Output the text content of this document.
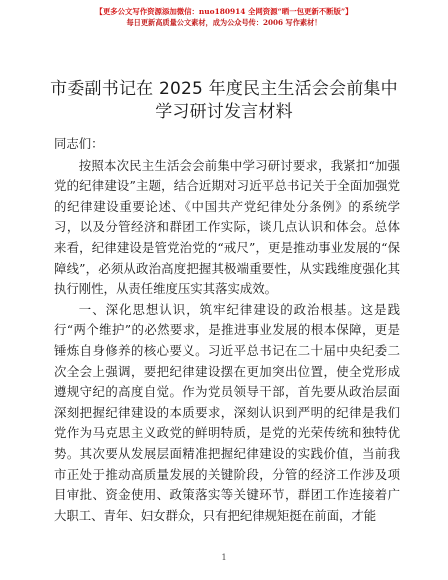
【更多公文写作资源添加微信：nuo180914 全网资源“晒一包更新不断版”】
每日更新高质量公文素材，成为公众号传：2006 写作素材！
市委副书记在 2025 年度民主生活会会前集中学习研讨发言材料

同志们：

按照本次民主生活会会前集中学习研讨要求，我紧扣“加强党的纪律建设”主题，结合近期对习近平总书记关于全面加强党的纪律建设重要论述、《中国共产党纪律处分条例》的系统学习，以及分管经济和群团工作实际，谈几点认识和体会。总体来看，纪律建设是管党治党的“戒尺”，更是推动事业发展的“保障线”，必须从政治高度把握其极端重要性，从实践维度强化其执行刚性，从责任维度压实其落实成效。

一、深化思想认识，筑牢纪律建设的政治根基。这是践行“两个维护”的必然要求，是推进事业发展的根本保障，更是锤炼自身修养的核心要义。习近平总书记在二十届中央纪委二次全会上强调，要把纪律建设摆在更加突出位置，使全党形成遵规守纪的高度自觉。作为党员领导干部，首先要从政治层面深刻把握纪律建设的本质要求，深刻认识到严明的纪律是我们党作为马克思主义政党的鲜明特质，是党的光荣传统和独特优势。其次要从发展层面精准把握纪律建设的实践价值，当前我市正处于推动高质量发展的关键阶段，分管的经济工作涉及项目审批、资金使用、政策落实等关键环节，群团工作连接着广大职工、青年、妇女群众，只有把纪律规矩挺在前面，才能

1
